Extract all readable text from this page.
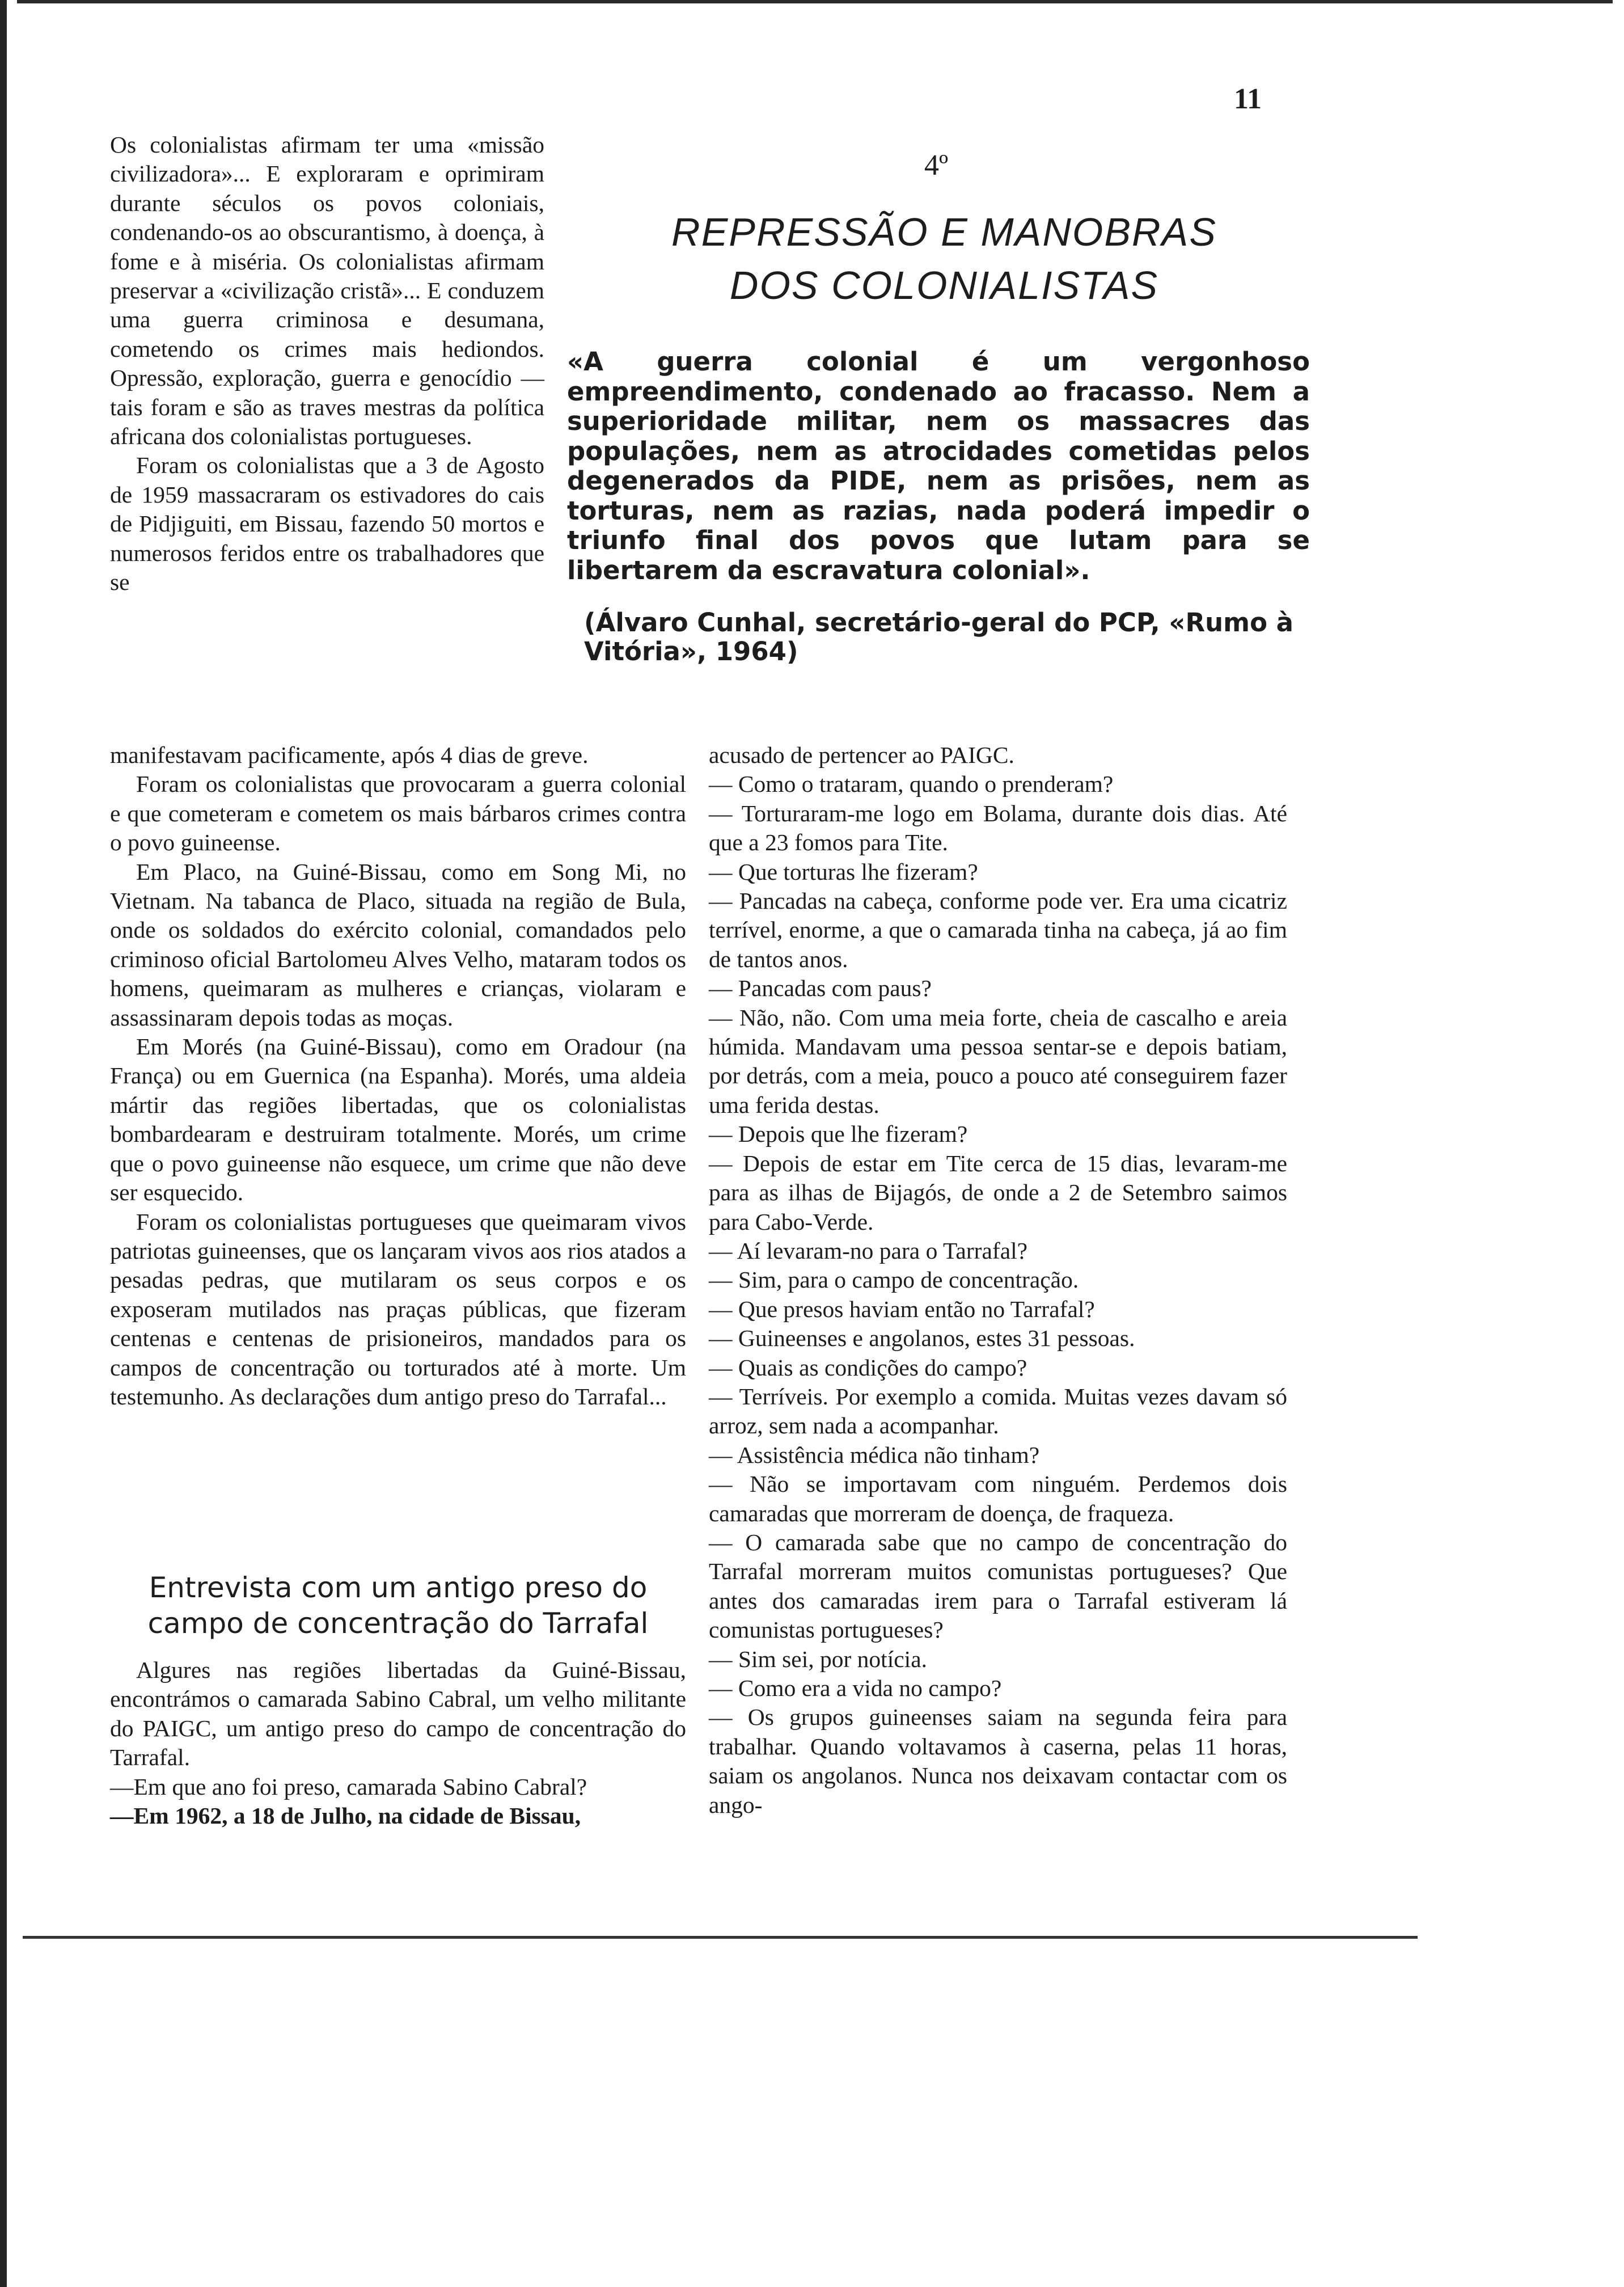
11
4º
REPRESSÃO E MANOBRAS
DOS COLONIALISTAS
«A guerra colonial é um vergonhoso empreendimento, condenado ao fracasso. Nem a superioridade militar, nem os massacres das populações, nem as atrocidades cometidas pelos degenerados da PIDE, nem as prisões, nem as torturas, nem as razias, nada poderá impedir o triunfo final dos povos que lutam para se libertarem da escravatura colonial».
(Álvaro Cunhal, secretário-geral do PCP, «Rumo à Vitória», 1964)

Os colonialistas afirmam ter uma «missão civilizadora»... E exploraram e oprimiram durante séculos os povos coloniais, condenando-os ao obscurantismo, à doença, à fome e à miséria. Os colonialistas afirmam preservar a «civilização cristã»... E conduzem uma guerra criminosa e desumana, cometendo os crimes mais hediondos. Opressão, exploração, guerra e genocídio — tais foram e são as traves mestras da política africana dos colonialistas portugueses.

Foram os colonialistas que a 3 de Agosto de 1959 massacraram os estivadores do cais de Pidjiguiti, em Bissau, fazendo 50 mortos e numerosos feridos entre os trabalhadores que se

manifestavam pacificamente, após 4 dias de greve.

Foram os colonialistas que provocaram a guerra colonial e que cometeram e cometem os mais bárbaros crimes contra o povo guineense.

Em Placo, na Guiné-Bissau, como em Song Mi, no Vietnam. Na tabanca de Placo, situada na região de Bula, onde os soldados do exército colonial, comandados pelo criminoso oficial Bartolomeu Alves Velho, mataram todos os homens, queimaram as mulheres e crianças, violaram e assassinaram depois todas as moças.

Em Morés (na Guiné-Bissau), como em Oradour (na França) ou em Guernica (na Espanha). Morés, uma aldeia mártir das regiões libertadas, que os colonialistas bombardearam e destruiram totalmente. Morés, um crime que o povo guineense não esquece, um crime que não deve ser esquecido.

Foram os colonialistas portugueses que queimaram vivos patriotas guineenses, que os lançaram vivos aos rios atados a pesadas pedras, que mutilaram os seus corpos e os exposeram mutilados nas praças públicas, que fizeram centenas e centenas de prisioneiros, mandados para os campos de concentração ou torturados até à morte. Um testemunho. As declarações dum antigo preso do Tarrafal...

Entrevista com um antigo preso do campo de concentração do Tarrafal

Algures nas regiões libertadas da Guiné-Bissau, encontrámos o camarada Sabino Cabral, um velho militante do PAIGC, um antigo preso do campo de concentração do Tarrafal.

—Em que ano foi preso, camarada Sabino Cabral?

—Em 1962, a 18 de Julho, na cidade de Bissau,

acusado de pertencer ao PAIGC.

— Como o trataram, quando o prenderam?

— Torturaram-me logo em Bolama, durante dois dias. Até que a 23 fomos para Tite.

— Que torturas lhe fizeram?

— Pancadas na cabeça, conforme pode ver. Era uma cicatriz terrível, enorme, a que o camarada tinha na cabeça, já ao fim de tantos anos.

— Pancadas com paus?

— Não, não. Com uma meia forte, cheia de cascalho e areia húmida. Mandavam uma pessoa sentar-se e depois batiam, por detrás, com a meia, pouco a pouco até conseguirem fazer uma ferida destas.

— Depois que lhe fizeram?

— Depois de estar em Tite cerca de 15 dias, levaram-me para as ilhas de Bijagós, de onde a 2 de Setembro saimos para Cabo-Verde.

— Aí levaram-no para o Tarrafal?

— Sim, para o campo de concentração.

— Que presos haviam então no Tarrafal?

— Guineenses e angolanos, estes 31 pessoas.

— Quais as condições do campo?

— Terríveis. Por exemplo a comida. Muitas vezes davam só arroz, sem nada a acompanhar.

— Assistência médica não tinham?

— Não se importavam com ninguém. Perdemos dois camaradas que morreram de doença, de fraqueza.

— O camarada sabe que no campo de concentração do Tarrafal morreram muitos comunistas portugueses? Que antes dos camaradas irem para o Tarrafal estiveram lá comunistas portugueses?

— Sim sei, por notícia.

— Como era a vida no campo?

— Os grupos guineenses saiam na segunda feira para trabalhar. Quando voltavamos à caserna, pelas 11 horas, saiam os angolanos. Nunca nos deixavam contactar com os ango-
